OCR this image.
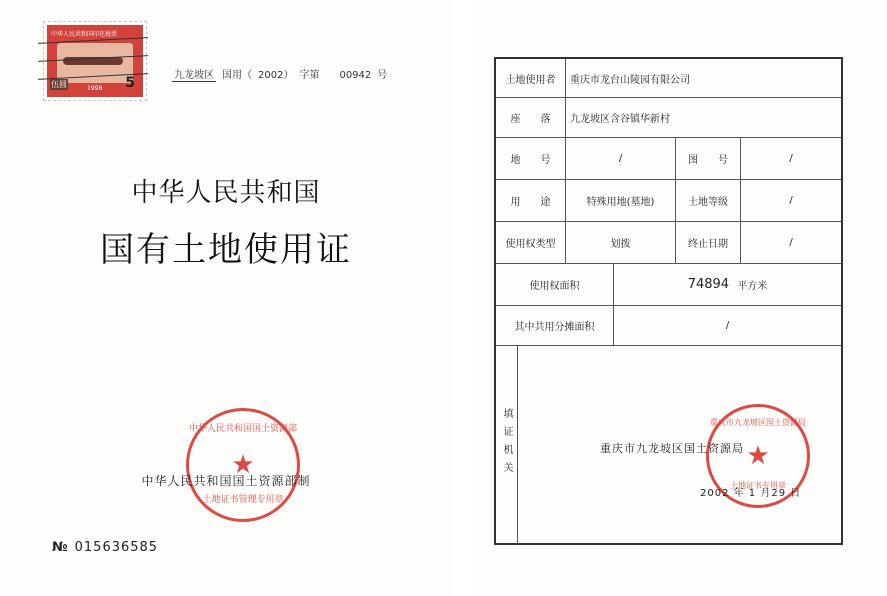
中华人民共和国印花税票
伍圆	1998 5	九龙坡区 国用（ 2002） 字第 00942 号
中华人民共和国
国有土地使用证
中华人民共和国国土资源部
★
土地证书管理专用章
中华人民共和国国土资源部制
№ 015636585
土地使用者	重庆市龙台山陵园有限公司
座　　落	九龙坡区含谷镇华新村
地　　号	/	图　　号	/
用　　途	特殊用地(墓地)	土地等级	/
使用权类型	划拨	终止日期	/
使用权面积	74894
平方米
其中共用分摊面积	/
填证机关	重庆市九龙坡区国土资源局
★
土地证书专用章
重庆市九龙坡区国土资源局
2002 年 1 月29 日
